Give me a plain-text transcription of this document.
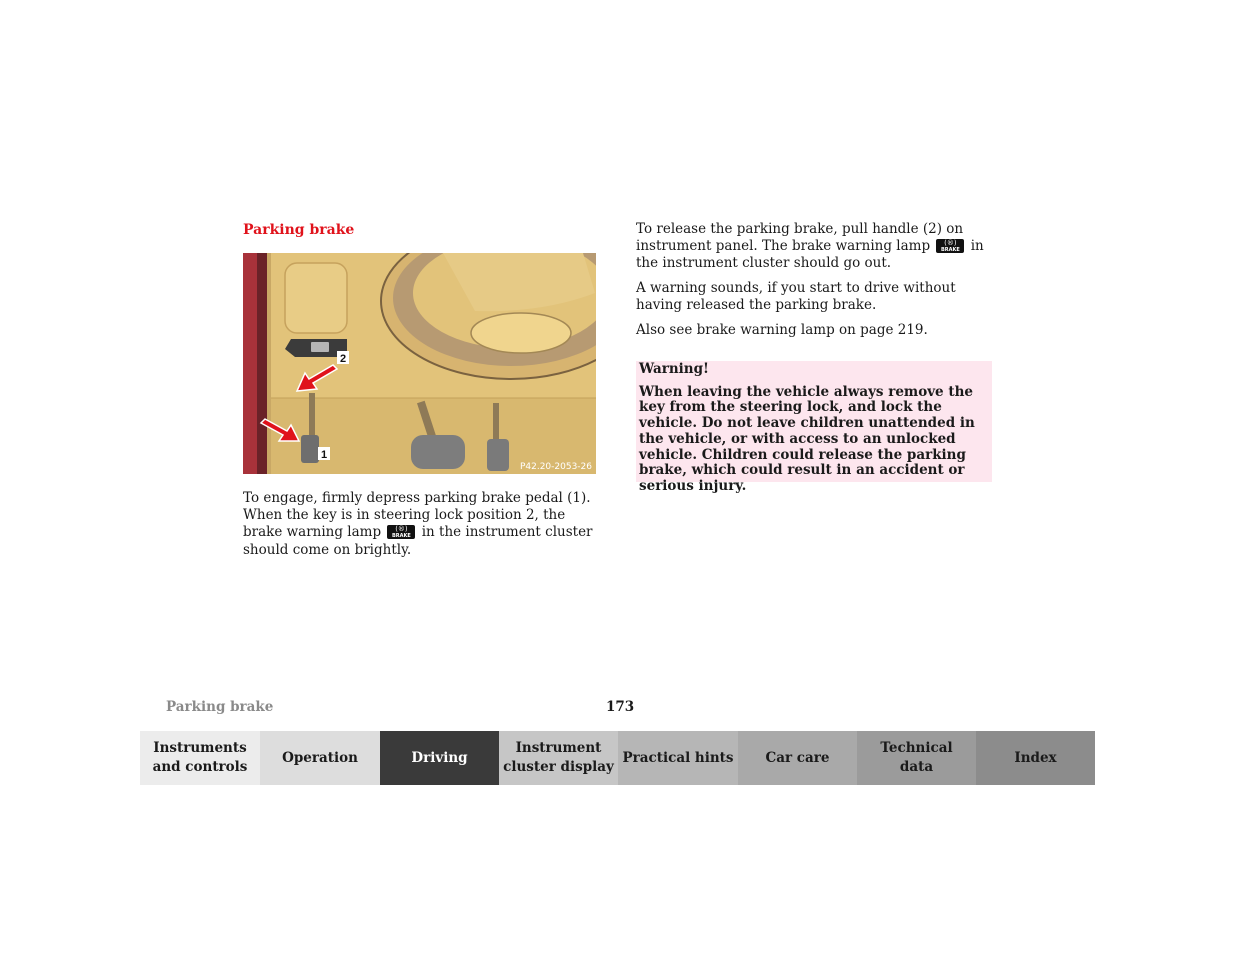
Parking brake
2
1
P42.20-2053-26

To engage, firmly depress parking brake pedal (1). When the key is in steering lock position 2, the brake warning lamp	(®)
BRAKE in the instrument cluster should come on brightly.

To release the parking brake, pull handle (2) on instrument panel. The brake warning lamp	(®)
BRAKE in the instrument cluster should go out.

A warning sounds, if you start to drive without having released the parking brake.

Also see brake warning lamp on page 219.

Warning!

When leaving the vehicle always remove the key from the steering lock, and lock the vehicle. Do not leave children unattended in the vehicle, or with access to an unlocked vehicle. Children could release the parking brake, which could result in an accident or serious injury.
Parking brake	173
Instruments
and controls
Operation	Driving
Instrument
cluster display
Practical hints Car care
Technical
data
Index
